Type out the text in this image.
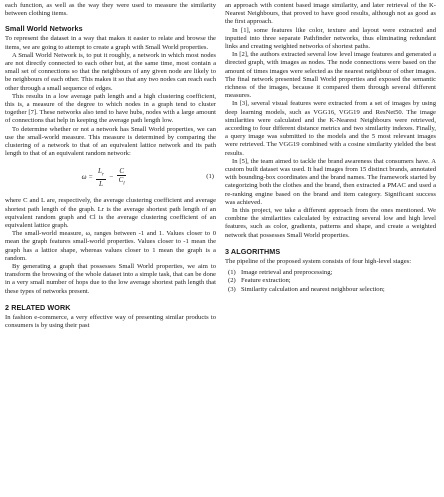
each function, as well as the way they were used to measure the similarity between clothing items.

Small World Networks

To represent the dataset in a way that makes it easier to relate and browse the items, we are going to attempt to create a graph with Small World properties.

A Small World Network is, to put it roughly, a network in which most nodes are not directly connected to each other but, at the same time, most contain a small set of connections so that the neighbours of any given node are likely to be neighbours of each other. This makes it so that any two nodes can reach each other through a small sequence of edges.

This results in a low average path length and a high clustering coefficient, this is, a measure of the degree to which nodes in a graph tend to cluster together [7]. These networks also tend to have hubs, nodes with a large amount of connections that help in keeping the average path length low.

To determine whether or not a network has Small World properties, we can use the small-world measure. This measure is determined by comparing the clustering of a network to that of an equivalent lattice network and its path length to that of an equivalent random network:

$\omega = \frac{L_r}{L} - \frac{C}{C_l}$	(1)

where C and L are, respectively, the average clustering coefficient and average shortest path length of the graph. Lr is the average shortest path length of an equivalent random graph and Cl is the average clustering coefficient of an equivalent lattice graph.

The small-world measure, ω, ranges between -1 and 1. Values closer to 0 mean the graph features small-world properties. Values closer to -1 mean the graph has a lattice shape, whereas values closer to 1 mean the graph is a random.

By generating a graph that possesses Small World properties, we aim to transform the browsing of the whole dataset into a simple task, that can be done in a very small number of hops due to the low average shortest path length that these types of networks present.

2 RELATED WORK

In fashion e-commerce, a very effective way of presenting similar products to consumers is by using their past

an approach with content based image similarity, and later retrieval of the K-Nearest Neighbours, that proved to have good results, although not as good as the first approach.

In [1], some features like color, texture and layout were extracted and inputted into three separate Pathfinder networks, thus eliminating redundant links and creating weighted networks of shortest paths.

In [2], the authors extracted several low level image features and generated a directed graph, with images as nodes. The node connections were based on the amount of times images were selected as the nearest neighbour of other images. The final network presented Small World properties and exposed the semantic richness of the images, because it compared them through several different measures.

In [3], several visual features were extracted from a set of images by using deep learning models, such as VGG16, VGG19 and ResNet50. The image similarities were calculated and the K-Nearest Neighbours were retrieved, according to four different distance metrics and two similarity indexes. Finally, a query image was submitted to the models and the 5 most relevant images were retrieved. The VGG19 combined with a cosine similarity yielded the best results.

In [5], the team aimed to tackle the brand awareness that consumers have. A custom built dataset was used. It had images from 15 distinct brands, annotated with bounding-box coordinates and the brand names. The framework started by categorizing both the clothes and the brand, then extracted a PMAC and used a re-ranking engine based on the brand and item category. Significant success was achieved.

In this project, we take a different approach from the ones mentioned. We combine the similarities calculated by extracting several low and high level features, such as color, gradients, patterns and shape, and create a weighted network that possesses Small World properties.

3 ALGORITHMS

The pipeline of the proposed system consists of four high-level stages:

(1) Image retrieval and preprocessing;
(2) Feature extraction;
(3) Similarity calculation and nearest neighbour selection;
